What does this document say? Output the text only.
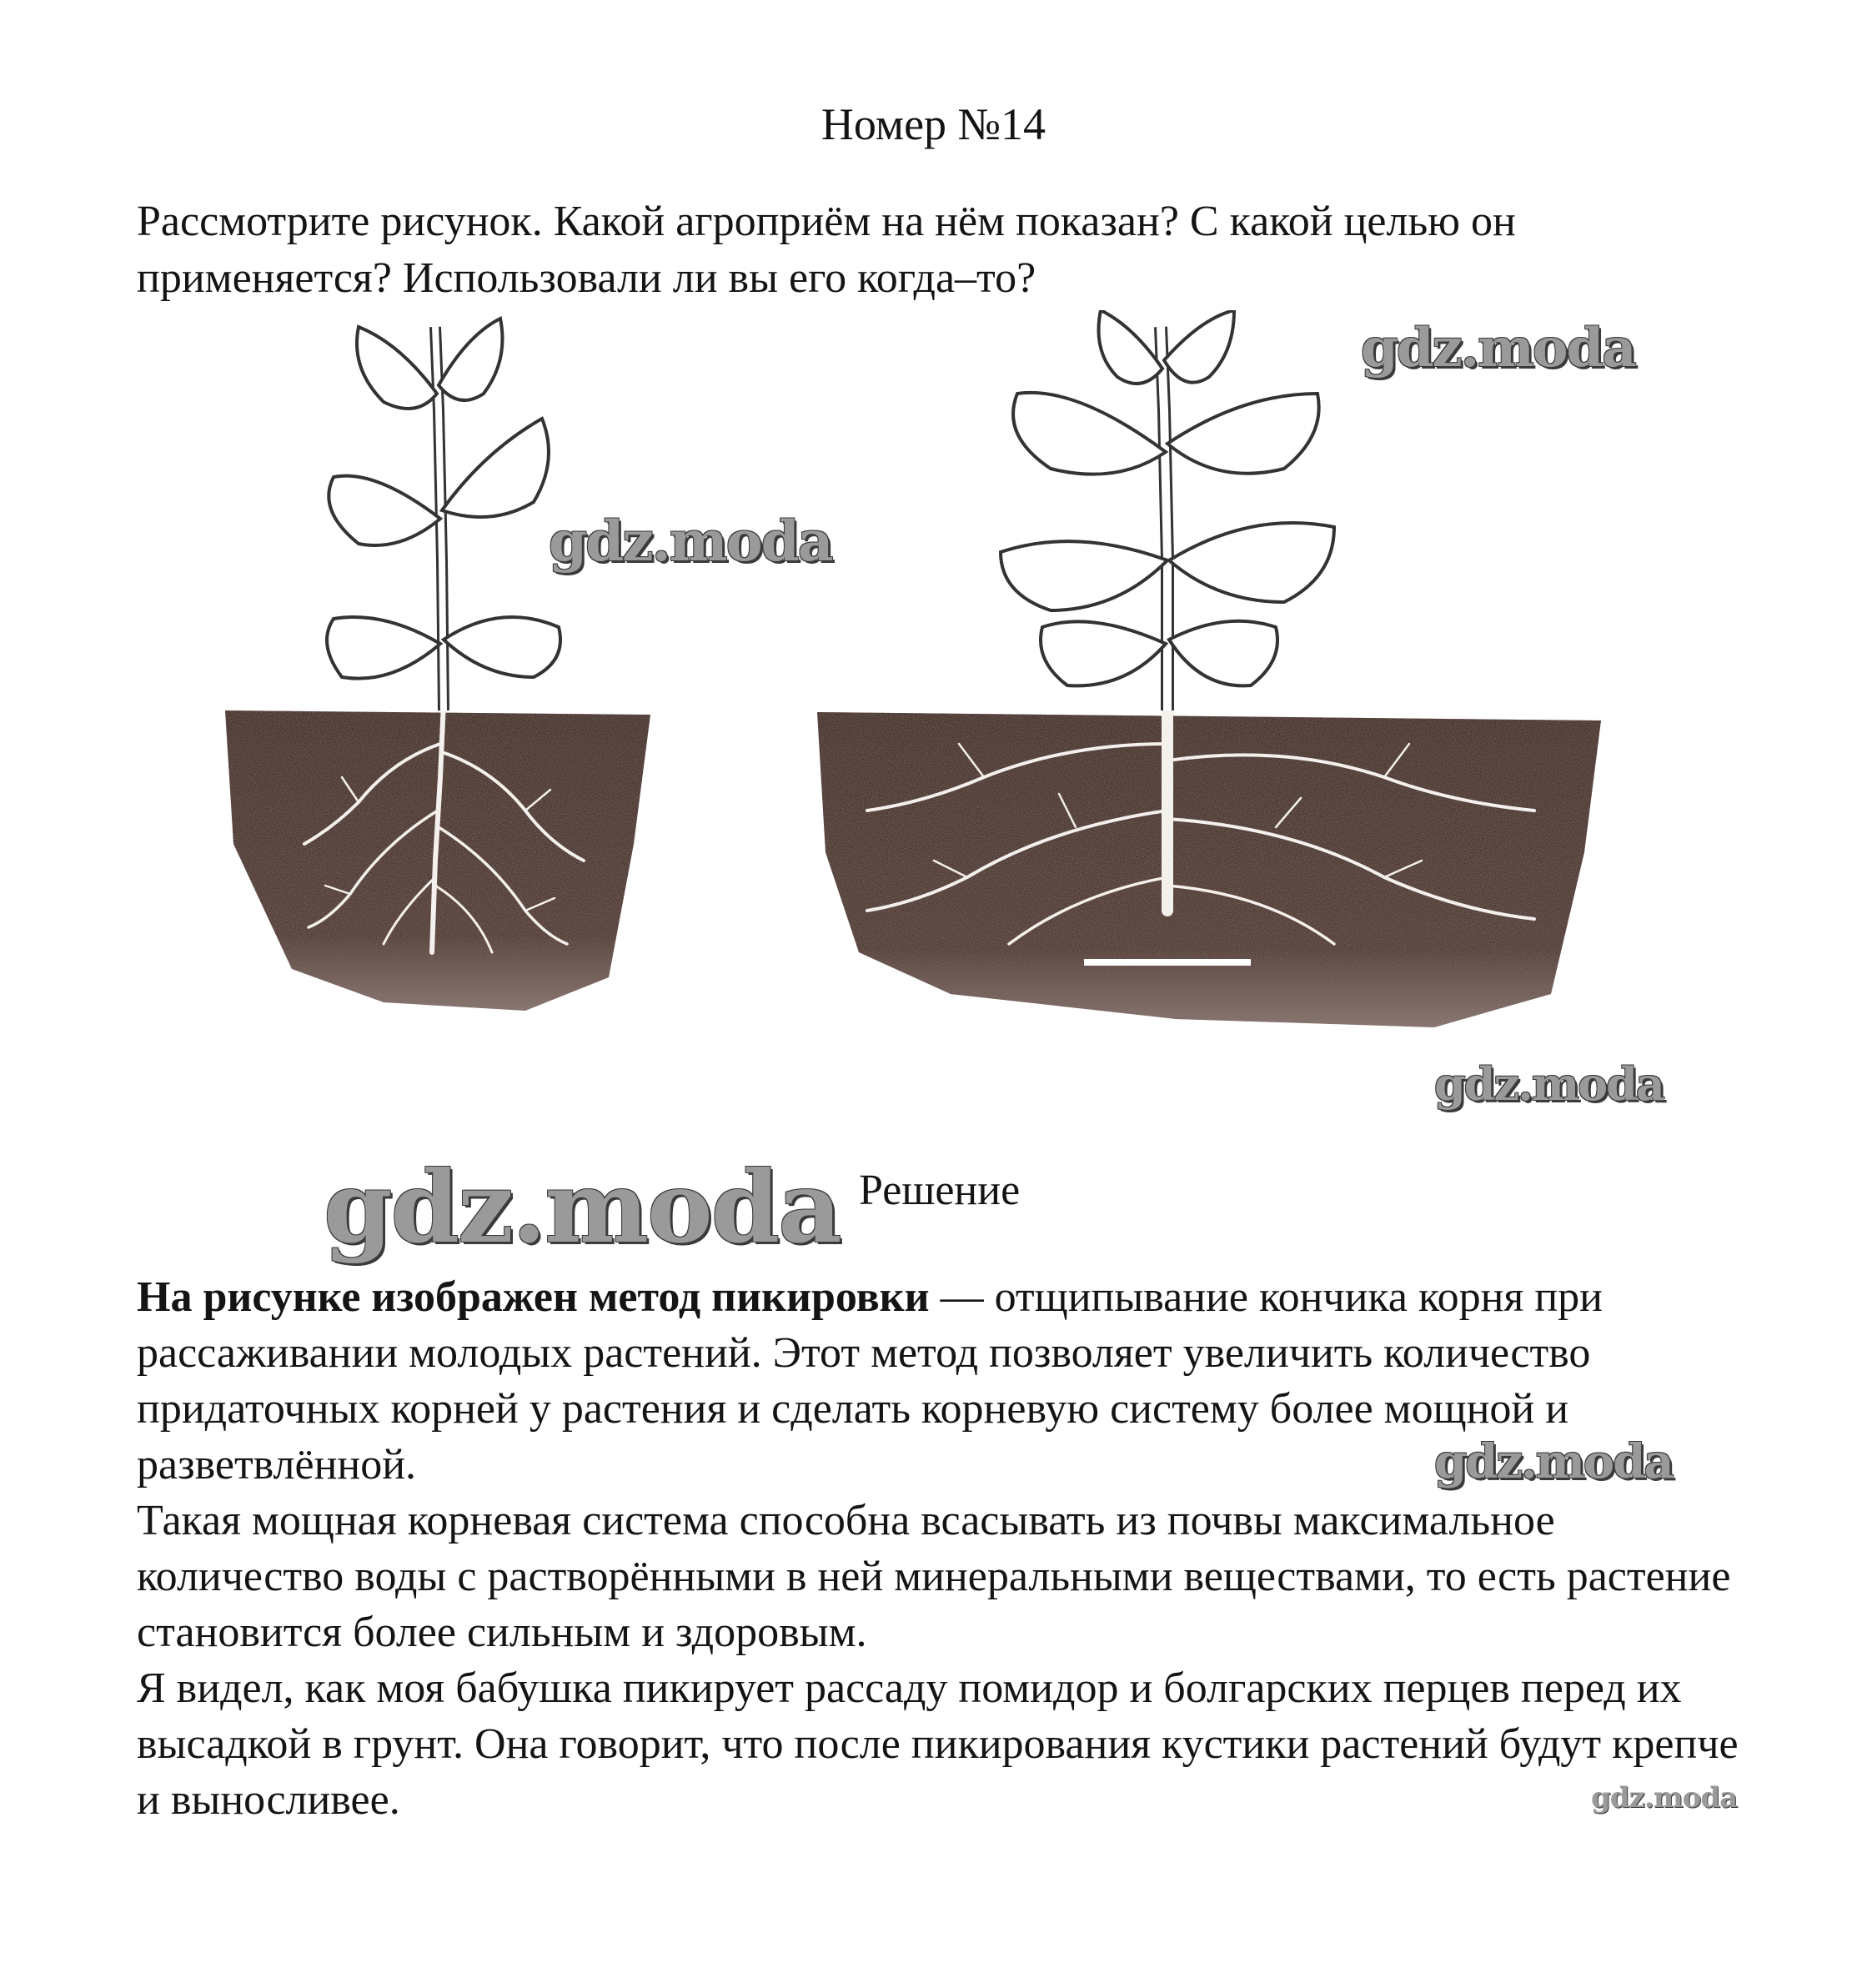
Номер №14

Рассмотрите рисунок. Какой агроприём на нём показан? С какой целью он применяется? Использовали ли вы его когда–то?

gdz.moda
gdz.moda
gdz.moda
gdz.moda
gdz.moda
gdz.moda
Решение

На рисунке изображен метод пикировки — отщипывание кончика корня при рассаживании молодых растений. Этот метод позволяет увеличить количество придаточных корней у растения и сделать корневую систему более мощной и разветвлённой.

Такая мощная корневая система способна всасывать из почвы максимальное количество воды с растворёнными в ней минеральными веществами, то есть растение становится более сильным и здоровым.

Я видел, как моя бабушка пикирует рассаду помидор и болгарских перцев перед их высадкой в грунт. Она говорит, что после пикирования кустики растений будут крепче и выносливее.
